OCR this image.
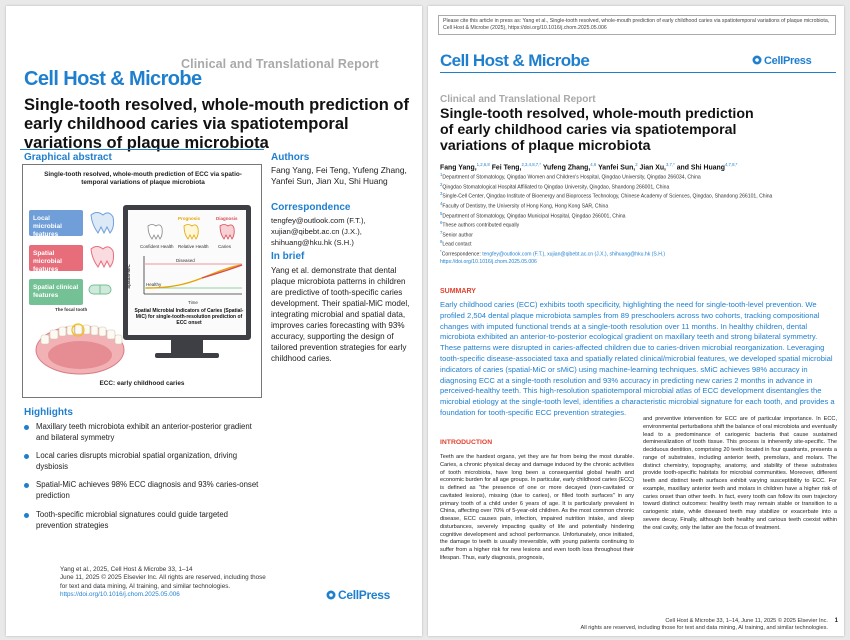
Clinical and Translational Report
Cell Host & Microbe
Single-tooth resolved, whole-mouth prediction of early childhood caries via spatiotemporal variations of plaque microbiota
Graphical abstract
Single-tooth resolved, whole-mouth prediction of ECC via spatio-temporal variations of plaque microbiota
Local microbial features
Spatial microbial features
Spatial clinical features
The focal tooth
Prognosis	Diagnosis
Confident Health Relative Health Caries
Diseased
Healthy
Time
Spatial-MiC
Spatial Microbial Indicators of Caries (Spatial-MiC) for single-tooth-resolution prediction of ECC onset
ECC: early childhood caries
Authors
Fang Yang, Fei Teng, Yufeng Zhang, Yanfei Sun, Jian Xu, Shi Huang
Correspondence
tengfey@outlook.com (F.T.),
xujian@qibebt.ac.cn (J.X.),
shihuang@hku.hk (S.H.)
In brief
Yang et al. demonstrate that dental plaque microbiota patterns in children are predictive of tooth-specific caries development. Their spatial-MiC model, integrating microbial and spatial data, improves caries forecasting with 93% accuracy, supporting the design of tailored prevention strategies for early childhood caries.
Highlights
Maxillary teeth microbiota exhibit an anterior-posterior gradient and bilateral symmetry
Local caries disrupts microbial spatial organization, driving dysbiosis
Spatial-MiC achieves 98% ECC diagnosis and 93% caries-onset prediction
Tooth-specific microbial signatures could guide targeted prevention strategies
Yang et al., 2025, Cell Host & Microbe 33, 1–14
June 11, 2025 © 2025 Elsevier Inc. All rights are reserved, including those for text and data mining, AI training, and similar technologies.
https://doi.org/10.1016/j.chom.2025.05.006	CellPress
Please cite this article in press as: Yang et al., Single-tooth resolved, whole-mouth prediction of early childhood caries via spatiotemporal variations of plaque microbiota, Cell Host & Microbe (2025), https://doi.org/10.1016/j.chom.2025.05.006
Cell Host & Microbe	CellPress
Clinical and Translational Report
Single-tooth resolved, whole-mouth prediction of early childhood caries via spatiotemporal variations of plaque microbiota
Fang Yang,$^{1,2,6,8}$ Fei Teng,$^{2,3,4,8,7,*}$ Yufeng Zhang,$^{4,6}$ Yanfei Sun,$^2$ Jian Xu,$^{3,7,*}$ and Shi Huang$^{4,7,8,*}$
$^1$Department of Stomatology, Qingdao Women and Children's Hospital, Qingdao University, Qingdao 266034, China
$^2$Qingdao Stomatological Hospital Affiliated to Qingdao University, Qingdao, Shandong 266001, China
$^3$Single-Cell Center, Qingdao Institute of Bioenergy and Bioprocess Technology, Chinese Academy of Sciences, Qingdao, Shandong 266101, China
$^4$Faculty of Dentistry, the University of Hong Kong, Hong Kong SAR, China
$^5$Department of Stomatology, Qingdao Municipal Hospital, Qingdao 266001, China
$^6$These authors contributed equally
$^7$Senior author
$^8$Lead contact
*Correspondence: tengfey@outlook.com (F.T.), xujian@qibebt.ac.cn (J.X.), shihuang@hku.hk (S.H.)
https://doi.org/10.1016/j.chom.2025.05.006
SUMMARY
Early childhood caries (ECC) exhibits tooth specificity, highlighting the need for single-tooth-level prevention. We profiled 2,504 dental plaque microbiota samples from 89 preschoolers across two cohorts, tracking compositional changes with imputed functional trends at a single-tooth resolution over 11 months. In healthy children, dental microbiota exhibited an anterior-to-posterior ecological gradient on maxillary teeth and strong bilateral symmetry. These patterns were disrupted in caries-affected children due to caries-driven microbial reorganization. Leveraging tooth-specific disease-associated taxa and spatially related clinical/microbial features, we developed spatial microbial indicators of caries (spatial-MiC or sMiC) using machine-learning techniques. sMiC achieves 98% accuracy in diagnosing ECC at a single-tooth resolution and 93% accuracy in predicting new caries 2 months in advance in perceived-healthy teeth. This high-resolution spatiotemporal microbial atlas of ECC development disentangles the microbial etiology at the single-tooth level, identifies a characteristic microbial signature for each tooth, and provides a foundation for tooth-specific ECC prevention strategies.
INTRODUCTION
Teeth are the hardest organs, yet they are far from being the most durable. Caries, a chronic physical decay and damage induced by the chronic activities of tooth microbiota, have long been a consequential global health and economic burden for all age groups. In particular, early childhood caries (ECC) is defined as "the presence of one or more decayed (non-cavitated or cavitated lesions), missing (due to caries), or filled tooth surfaces" in any primary tooth of a child under 6 years of age. It is particularly prevalent in China, affecting over 70% of 5-year-old children. As the most common chronic disease, ECC causes pain, infection, impaired nutrition intake, and sleep disturbances, severely impacting quality of life and potentially hindering cognitive development and school performance. Unfortunately, once initiated, the damage to teeth is usually irreversible, with young patients continuing to suffer from a higher risk for new lesions and even tooth loss throughout their lifespan. Thus, early diagnosis, prognosis,
and preventive intervention for ECC are of particular importance. In ECC, environmental perturbations shift the balance of oral microbiota and eventually lead to a predominance of cariogenic bacteria that cause sustained demineralization of tooth tissue. This process is inherently site-specific. The deciduous dentition, comprising 20 teeth located in four quadrants, presents a range of substrates, including anterior teeth, premolars, and molars. The distinct chemistry, topography, anatomy, and stability of these substrates provide tooth-specific habitats for microbial communities. Moreover, different teeth and distinct teeth surfaces exhibit varying susceptibility to ECC. For example, maxillary anterior teeth and molars in children have a higher risk of caries onset than other teeth. In fact, every tooth can follow its own trajectory toward distinct outcomes: healthy teeth may remain stable or transition to a cariogenic state, while diseased teeth may stabilize or exacerbate into a severe decay. Finally, although both healthy and carious teeth coexist within the oral cavity, only the latter are the focus of treatment.
Cell Host & Microbe 33, 1–14, June 11, 2025 © 2025 Elsevier Inc.
All rights are reserved, including those for text and data mining, AI training, and similar technologies.
1
